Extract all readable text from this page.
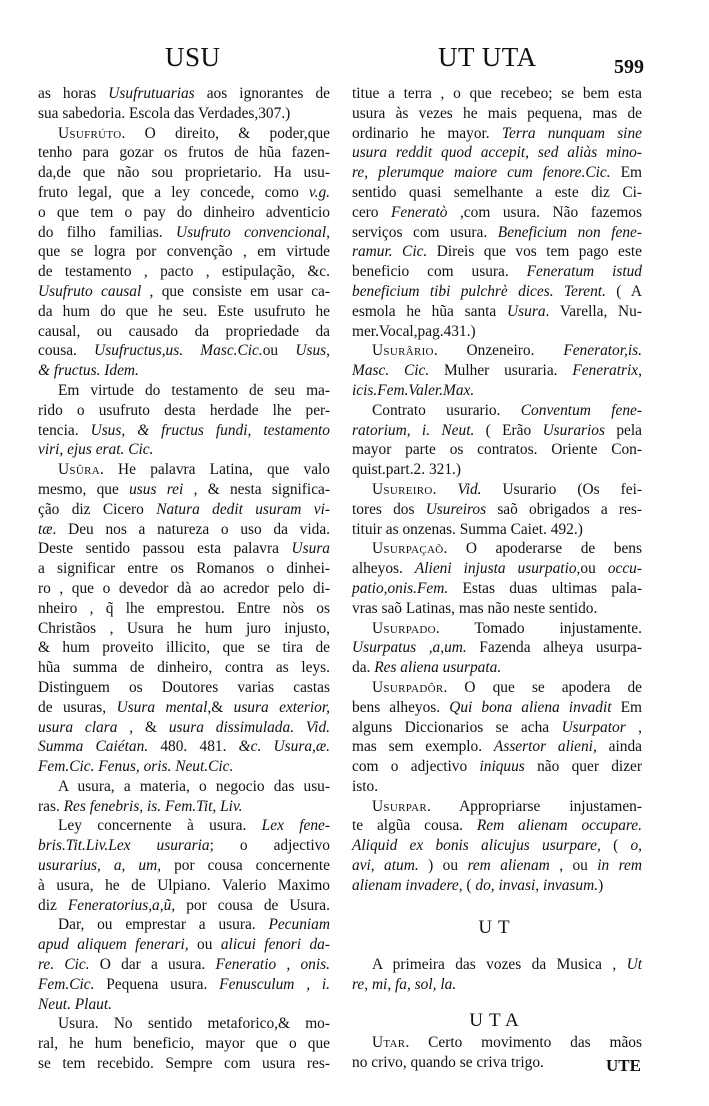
USU	UT UTA	599
as horas Usufrutuarias aos ignorantes de
sua sabedoria. Escola das Verdades,307.)
Usufrúto. O direito, & poder,que
tenho para gozar os frutos de hũa fazen-
da,de que não sou proprietario. Ha usu-
fruto legal, que a ley concede, como v.g.
o que tem o pay do dinheiro adventicio
do filho familias. Usufruto convencional,
que se logra por convenção , em virtude
de testamento , pacto , estipulação, &c.
Usufruto causal , que consiste em usar ca-
da hum do que he seu. Este usufruto he
causal, ou causado da propriedade da
cousa. Usufructus,us. Masc.Cic.ou Usus,
& fructus. Idem.
Em virtude do testamento de seu ma-
rido o usufruto desta herdade lhe per-
tencia. Usus, & fructus fundi, testamento
viri, ejus erat. Cic.
Usûra. He palavra Latina, que valo
mesmo, que usus rei , & nesta significa-
ção diz Cicero Natura dedit usuram vi-
tæ. Deu nos a natureza o uso da vida.
Deste sentido passou esta palavra Usura
a significar entre os Romanos o dinhei-
ro , que o devedor dà ao acredor pelo di-
nheiro , q̃ lhe emprestou. Entre nòs os
Christãos , Usura he hum juro injusto,
& hum proveito illicito, que se tira de
hũa summa de dinheiro, contra as leys.
Distinguem os Doutores varias castas
de usuras, Usura mental,& usura exterior,
usura clara , & usura dissimulada. Vid.
Summa Caiétan. 480. 481. &c. Usura,æ.
Fem.Cic. Fenus, oris. Neut.Cic.
A usura, a materia, o negocio das usu-
ras. Res fenebris, is. Fem.Tit, Liv.
Ley concernente à usura. Lex fene-
bris.Tit.Liv.Lex usuraria; o adjectivo
usurarius, a, um, por cousa concernente
à usura, he de Ulpiano. Valerio Maximo
diz Feneratorius,a,ũ, por cousa de Usura.
Dar, ou emprestar a usura. Pecuniam
apud aliquem fenerari, ou alicui fenori da-
re. Cic. O dar a usura. Feneratio , onis.
Fem.Cic. Pequena usura. Fenusculum , i.
Neut. Plaut.
Usura. No sentido metaforico,& mo-
ral, he hum beneficio, mayor que o que
se tem recebido. Sempre com usura res-
titue a terra , o que recebeo; se bem esta
usura às vezes he mais pequena, mas de
ordinario he mayor. Terra nunquam sine
usura reddit quod accepit, sed aliàs mino-
re, plerumque maiore cum fenore.Cic. Em
sentido quasi semelhante a este diz Ci-
cero Feneratò ,com usura. Não fazemos
serviços com usura. Beneficium non fene-
ramur. Cic. Direis que vos tem pago este
beneficio com usura. Feneratum istud
beneficium tibi pulchrè dices. Terent. ( A
esmola he hũa santa Usura. Varella, Nu-
mer.Vocal,pag.431.)
Usurârio. Onzeneiro. Fenerator,is.
Masc. Cic. Mulher usuraria. Feneratrix,
icis.Fem.Valer.Max.
Contrato usurario. Conventum fene-
ratorium, i. Neut. ( Erão Usurarios pela
mayor parte os contratos. Oriente Con-
quist.part.2. 321.)
Usureiro. Vid. Usurario (Os fei-
tores dos Usureiros saõ obrigados a res-
tituir as onzenas. Summa Caiet. 492.)
Usurpaçaõ. O apoderarse de bens
alheyos. Alieni injusta usurpatio,ou occu-
patio,onis.Fem. Estas duas ultimas pala-
vras saõ Latinas, mas não neste sentido.
Usurpado. Tomado injustamente.
Usurpatus ,a,um. Fazenda alheya usurpa-
da. Res aliena usurpata.
Usurpadôr. O que se apodera de
bens alheyos. Qui bona aliena invadit Em
alguns Diccionarios se acha Usurpator ,
mas sem exemplo. Assertor alieni, ainda
com o adjectivo iniquus não quer dizer
isto.
Usurpar. Appropriarse injustamen-
te algũa cousa. Rem alienam occupare.
Aliquid ex bonis alicujus usurpare, ( o,
avi, atum. ) ou rem alienam , ou in rem
alienam invadere, ( do, invasi, invasum.)
UT
A primeira das vozes da Musica , Ut
re, mi, fa, sol, la.
UTA
Utar. Certo movimento das mãos
no crivo, quando se criva trigo.	UTE
